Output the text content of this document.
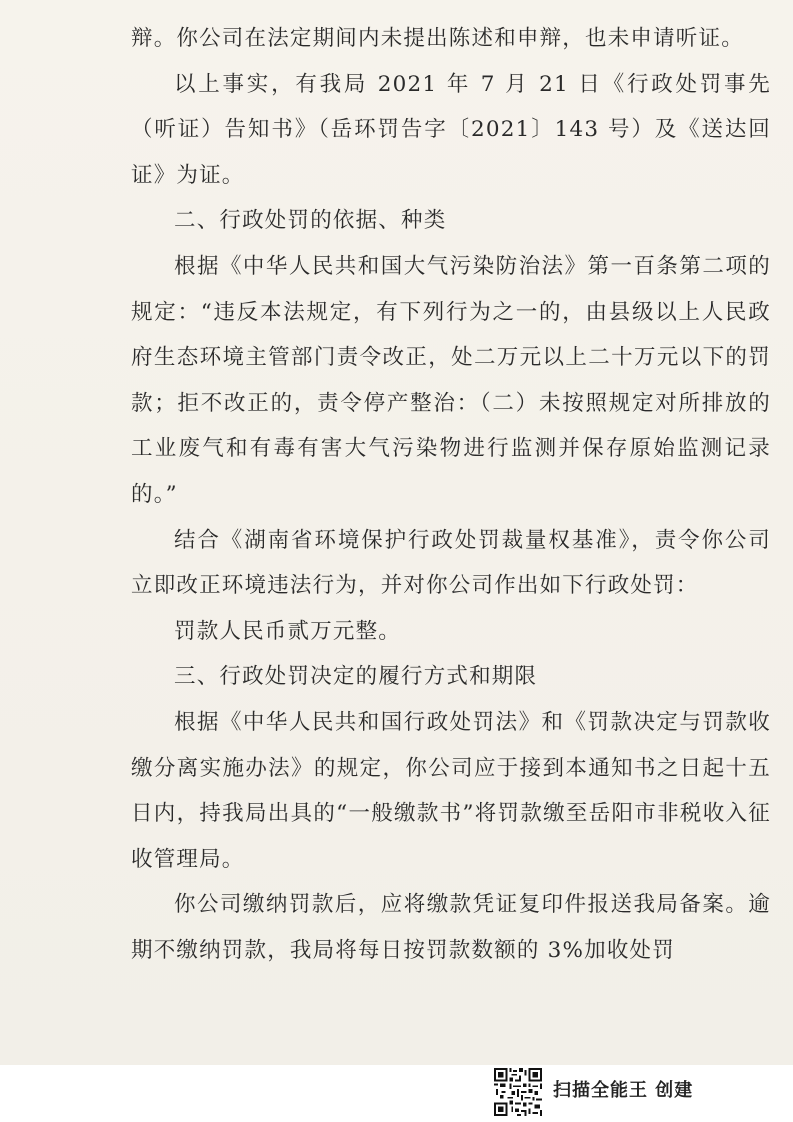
辩。你公司在法定期间内未提出陈述和申辩，也未申请听证。

以上事实，有我局 2021 年 7 月 21 日《行政处罚事先（听证）告知书》（岳环罚告字〔2021〕143 号）及《送达回证》为证。

二、行政处罚的依据、种类

根据《中华人民共和国大气污染防治法》第一百条第二项的规定：“违反本法规定，有下列行为之一的，由县级以上人民政府生态环境主管部门责令改正，处二万元以上二十万元以下的罚款；拒不改正的，责令停产整治：（二）未按照规定对所排放的工业废气和有毒有害大气污染物进行监测并保存原始监测记录的。”

结合《湖南省环境保护行政处罚裁量权基准》，责令你公司立即改正环境违法行为，并对你公司作出如下行政处罚：

罚款人民币贰万元整。

三、行政处罚决定的履行方式和期限

根据《中华人民共和国行政处罚法》和《罚款决定与罚款收缴分离实施办法》的规定，你公司应于接到本通知书之日起十五日内，持我局出具的“一般缴款书”将罚款缴至岳阳市非税收入征收管理局。

你公司缴纳罚款后，应将缴款凭证复印件报送我局备案。逾期不缴纳罚款，我局将每日按罚款数额的 3%加收处罚

扫描全能王 创建
